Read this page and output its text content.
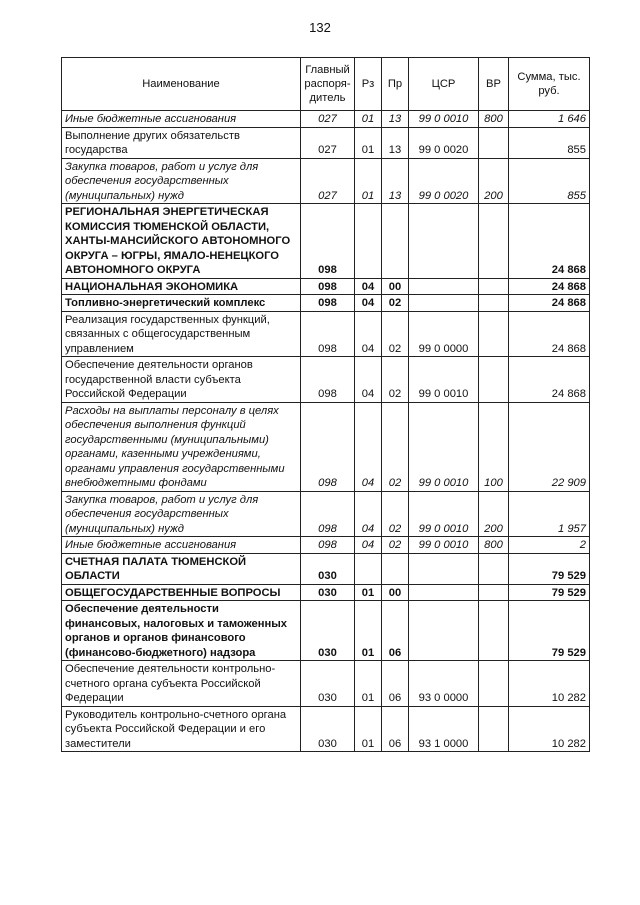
132
Наименование	Главный распоря-дитель	Рз	Пр	ЦСР	ВР	Сумма, тыс. руб.
Иные бюджетные ассигнования	027	01	13	99 0 0010	800	1 646
Выполнение других обязательств государства	027	01	13	99 0 0020		855
Закупка товаров, работ и услуг для обеспечения государственных (муниципальных) нужд	027	01	13	99 0 0020	200	855
РЕГИОНАЛЬНАЯ ЭНЕРГЕТИЧЕСКАЯ КОМИССИЯ ТЮМЕНСКОЙ ОБЛАСТИ, ХАНТЫ-МАНСИЙСКОГО АВТОНОМНОГО ОКРУГА – ЮГРЫ, ЯМАЛО-НЕНЕЦКОГО АВТОНОМНОГО ОКРУГА	098					24 868
НАЦИОНАЛЬНАЯ ЭКОНОМИКА	098	04	00			24 868
Топливно-энергетический комплекс	098	04	02			24 868
Реализация государственных функций, связанных с общегосударственным управлением	098	04	02	99 0 0000		24 868
Обеспечение деятельности органов государственной власти субъекта Российской Федерации	098	04	02	99 0 0010		24 868
Расходы на выплаты персоналу в целях обеспечения выполнения функций государственными (муниципальными) органами, казенными учреждениями, органами управления государственными внебюджетными фондами	098	04	02	99 0 0010	100	22 909
Закупка товаров, работ и услуг для обеспечения государственных (муниципальных) нужд	098	04	02	99 0 0010	200	1 957
Иные бюджетные ассигнования	098	04	02	99 0 0010	800	2
СЧЕТНАЯ ПАЛАТА ТЮМЕНСКОЙ ОБЛАСТИ	030					79 529
ОБЩЕГОСУДАРСТВЕННЫЕ ВОПРОСЫ	030	01	00			79 529
Обеспечение деятельности финансовых, налоговых и таможенных органов и органов финансового (финансово-бюджетного) надзора	030	01	06			79 529
Обеспечение деятельности контрольно-счетного органа субъекта Российской Федерации	030	01	06	93 0 0000		10 282
Руководитель контрольно-счетного органа субъекта Российской Федерации и его заместители	030	01	06	93 1 0000		10 282
